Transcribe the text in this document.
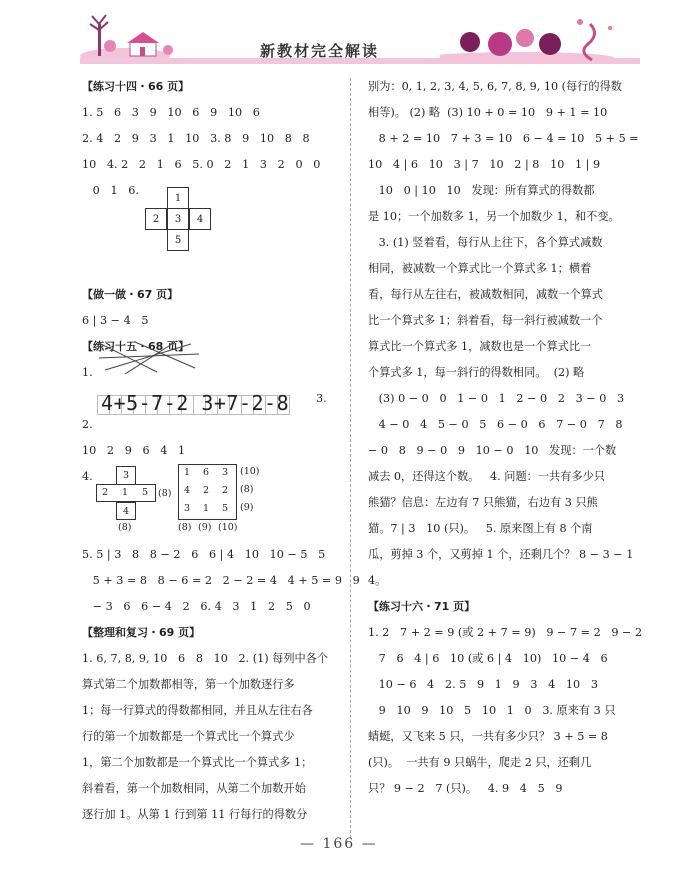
新教材完全解读
【练习十四・66 页】
1. 5   6   3   9   10   6   9   10   6
2. 4   2   9   3   1   10   3. 8   9   10   8   8
10   4. 2   2   1   6   5. 0   2   1   3   2   0   0
0   1   6.
【做一做・67 页】
6 | 3 − 4   5
【练习十五・68 页】
1.
2.
10   2   9   6   4   1
4.
5. 5 | 3   8   8 − 2   6   6 | 4   10   10 − 5   5
5 + 3 = 8   8 − 6 = 2   2 − 2 = 4   4 + 5 = 9   9
− 3   6   6 − 4   2   6. 4   3   1   2   5   0
【整理和复习・69 页】
1. 6, 7, 8, 9, 10   6   8   10   2. (1) 每列中各个
算式第二个加数都相等，第一个加数逐行多
1；每一行算式的得数都相同，并且从左往右各
行的第一个加数都是一个算式比一个算式少
1，第二个加数都是一个算式比一个算式多 1；
斜着看，第一个加数相同，从第二个加数开始
逐行加 1。从第 1 行到第 11 行每行的得数分
别为：0, 1, 2, 3, 4, 5, 6, 7, 8, 9, 10 (每行的得数
相等)。 (2) 略  (3) 10 + 0 = 10   9 + 1 = 10
8 + 2 = 10   7 + 3 = 10   6 − 4 = 10   5 + 5 =
10   4 | 6   10   3 | 7   10   2 | 8   10   1 | 9
10   0 | 10   10   发现：所有算式的得数都
是 10；一个加数多 1，另一个加数少 1，和不变。
3. (1) 竖着看，每行从上往下，各个算式减数
相同，被减数一个算式比一个算式多 1；横着
看，每行从左往右，被减数相同，减数一个算式
比一个算式多 1；斜着看，每一斜行被减数一个
算式比一个算式多 1，减数也是一个算式比一
个算式多 1，每一斜行的得数相同。  (2) 略
(3) 0 − 0   0   1 − 0   1   2 − 0   2   3 − 0   3
4 − 0   4   5 − 0   5   6 − 0   6   7 − 0   7   8
− 0   8   9 − 0   9   10 − 0   10   发现：一个数
减去 0，还得这个数。   4. 问题：一共有多少只
熊猫？信息：左边有 7 只熊猫，右边有 3 只熊
猫。7 | 3   10 (只)。   5. 原来图上有 8 个南
瓜，剪掉 3 个，又剪掉 1 个，还剩几个？ 8 − 3 − 1
4。
【练习十六・71 页】
1. 2   7 + 2 = 9 (或 2 + 7 = 9)   9 − 7 = 2   9 − 2
7   6   4 | 6   10 (或 6 | 4   10)   10 − 4   6
10 − 6   4   2. 5   9   1   9   3   4   10   3
9   10   9   10   5   10   1   0   3. 原来有 3 只
蜻蜓，又飞来 5 只，一共有多少只？ 3 + 5 = 8
(只)。  一共有 9 只蜗牛，爬走 2 只，还剩几
只？ 9 − 2   7 (只)。   4. 9   4   5   9
1
2	3	4
5
4+5-7-2 3+7-2-8 3.
3
2 1 5
4
(8)
(8)
1 6 3
4 2 2
3 1 5
(10)
(8)
(9)
(8) (9) (10)
— 166 —
